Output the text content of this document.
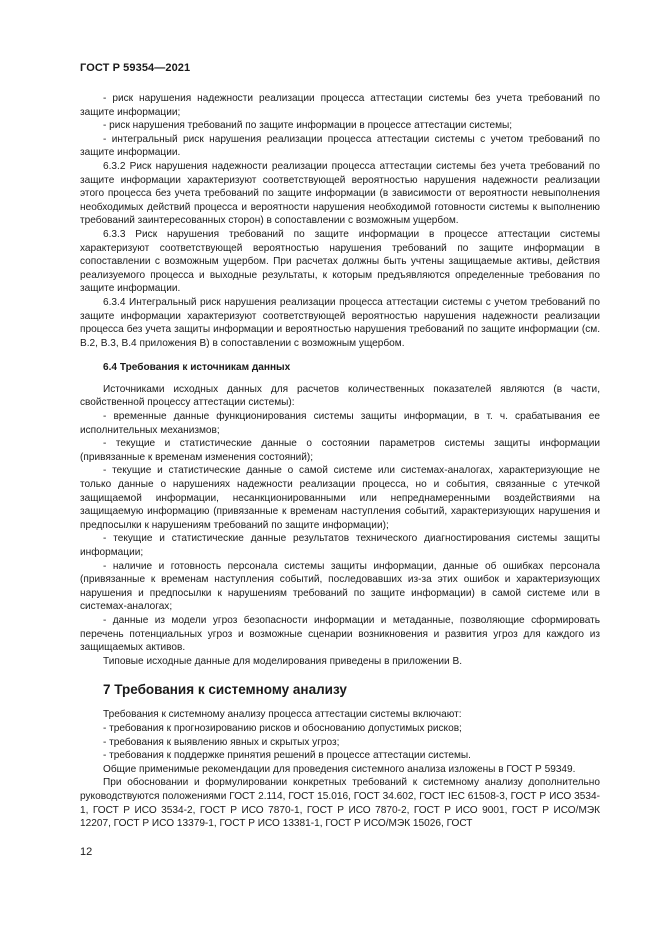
ГОСТ Р 59354—2021

- риск нарушения надежности реализации процесса аттестации системы без учета требований по защите информации;

- риск нарушения требований по защите информации в процессе аттестации системы;

- интегральный риск нарушения реализации процесса аттестации системы с учетом требований по защите информации.

6.3.2 Риск нарушения надежности реализации процесса аттестации системы без учета требований по защите информации характеризуют соответствующей вероятностью нарушения надежности реализации этого процесса без учета требований по защите информации (в зависимости от вероятности невыполнения необходимых действий процесса и вероятности нарушения необходимой готовности системы к выполнению требований заинтересованных сторон) в сопоставлении с возможным ущербом.

6.3.3 Риск нарушения требований по защите информации в процессе аттестации системы характеризуют соответствующей вероятностью нарушения требований по защите информации в сопоставлении с возможным ущербом. При расчетах должны быть учтены защищаемые активы, действия реализуемого процесса и выходные результаты, к которым предъявляются определенные требования по защите информации.

6.3.4 Интегральный риск нарушения реализации процесса аттестации системы с учетом требований по защите информации характеризуют соответствующей вероятностью нарушения надежности реализации процесса без учета защиты информации и вероятностью нарушения требований по защите информации (см. В.2, В.3, В.4 приложения В) в сопоставлении с возможным ущербом.

6.4 Требования к источникам данных

Источниками исходных данных для расчетов количественных показателей являются (в части, свойственной процессу аттестации системы):

- временные данные функционирования системы защиты информации, в т. ч. срабатывания ее исполнительных механизмов;

- текущие и статистические данные о состоянии параметров системы защиты информации (привязанные к временам изменения состояний);

- текущие и статистические данные о самой системе или системах-аналогах, характеризующие не только данные о нарушениях надежности реализации процесса, но и события, связанные с утечкой защищаемой информации, несанкционированными или непреднамеренными воздействиями на защищаемую информацию (привязанные к временам наступления событий, характеризующих нарушения и предпосылки к нарушениям требований по защите информации);

- текущие и статистические данные результатов технического диагностирования системы защиты информации;

- наличие и готовность персонала системы защиты информации, данные об ошибках персонала (привязанные к временам наступления событий, последовавших из-за этих ошибок и характеризующих нарушения и предпосылки к нарушениям требований по защите информации) в самой системе или в системах-аналогах;

- данные из модели угроз безопасности информации и метаданные, позволяющие сформировать перечень потенциальных угроз и возможные сценарии возникновения и развития угроз для каждого из защищаемых активов.

Типовые исходные данные для моделирования приведены в приложении В.

7 Требования к системному анализу

Требования к системному анализу процесса аттестации системы включают:

- требования к прогнозированию рисков и обоснованию допустимых рисков;

- требования к выявлению явных и скрытых угроз;

- требования к поддержке принятия решений в процессе аттестации системы.

Общие применимые рекомендации для проведения системного анализа изложены в ГОСТ Р 59349.

При обосновании и формулировании конкретных требований к системному анализу дополнительно руководствуются положениями ГОСТ 2.114, ГОСТ 15.016, ГОСТ 34.602, ГОСТ IEC 61508-3, ГОСТ Р ИСО 3534-1, ГОСТ Р ИСО 3534-2, ГОСТ Р ИСО 7870-1, ГОСТ Р ИСО 7870-2, ГОСТ Р ИСО 9001, ГОСТ Р ИСО/МЭК 12207, ГОСТ Р ИСО 13379-1, ГОСТ Р ИСО 13381-1, ГОСТ Р ИСО/МЭК 15026, ГОСТ

12
